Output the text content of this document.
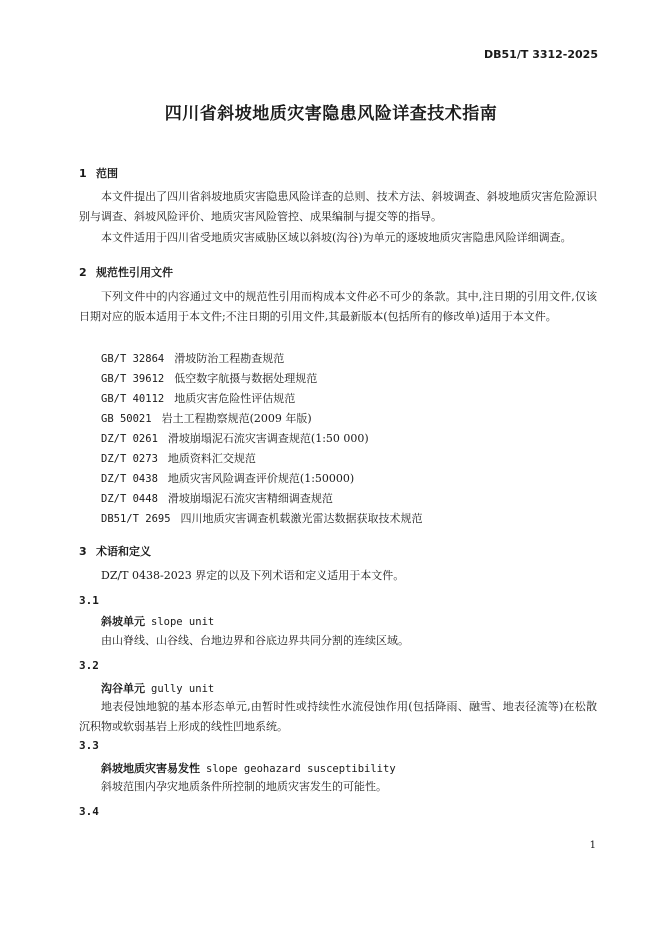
DB51/T 3312-2025
四川省斜坡地质灾害隐患风险详查技术指南
1 范围
本文件提出了四川省斜坡地质灾害隐患风险详查的总则、技术方法、斜坡调查、斜坡地质灾害危险源识别与调查、斜坡风险评价、地质灾害风险管控、成果编制与提交等的指导。
本文件适用于四川省受地质灾害威胁区域以斜坡(沟谷)为单元的逐坡地质灾害隐患风险详细调查。
2 规范性引用文件
下列文件中的内容通过文中的规范性引用而构成本文件必不可少的条款。其中,注日期的引用文件,仅该日期对应的版本适用于本文件;不注日期的引用文件,其最新版本(包括所有的修改单)适用于本文件。
GB/T 32864 滑坡防治工程勘查规范
GB/T 39612 低空数字航摄与数据处理规范
GB/T 40112 地质灾害危险性评估规范
GB 50021 岩土工程勘察规范(2009 年版)
DZ/T 0261 滑坡崩塌泥石流灾害调查规范(1:50 000)
DZ/T 0273 地质资料汇交规范
DZ/T 0438 地质灾害风险调查评价规范(1:50000)
DZ/T 0448 滑坡崩塌泥石流灾害精细调查规范
DB51/T 2695 四川地质灾害调查机载激光雷达数据获取技术规范
3 术语和定义
DZ/T 0438-2023 界定的以及下列术语和定义适用于本文件。
3.1
斜坡单元 slope unit
由山脊线、山谷线、台地边界和谷底边界共同分割的连续区域。
3.2
沟谷单元 gully unit
地表侵蚀地貌的基本形态单元,由暂时性或持续性水流侵蚀作用(包括降雨、融雪、地表径流等)在松散沉积物或软弱基岩上形成的线性凹地系统。
3.3
斜坡地质灾害易发性 slope geohazard susceptibility
斜坡范围内孕灾地质条件所控制的地质灾害发生的可能性。
3.4
1
